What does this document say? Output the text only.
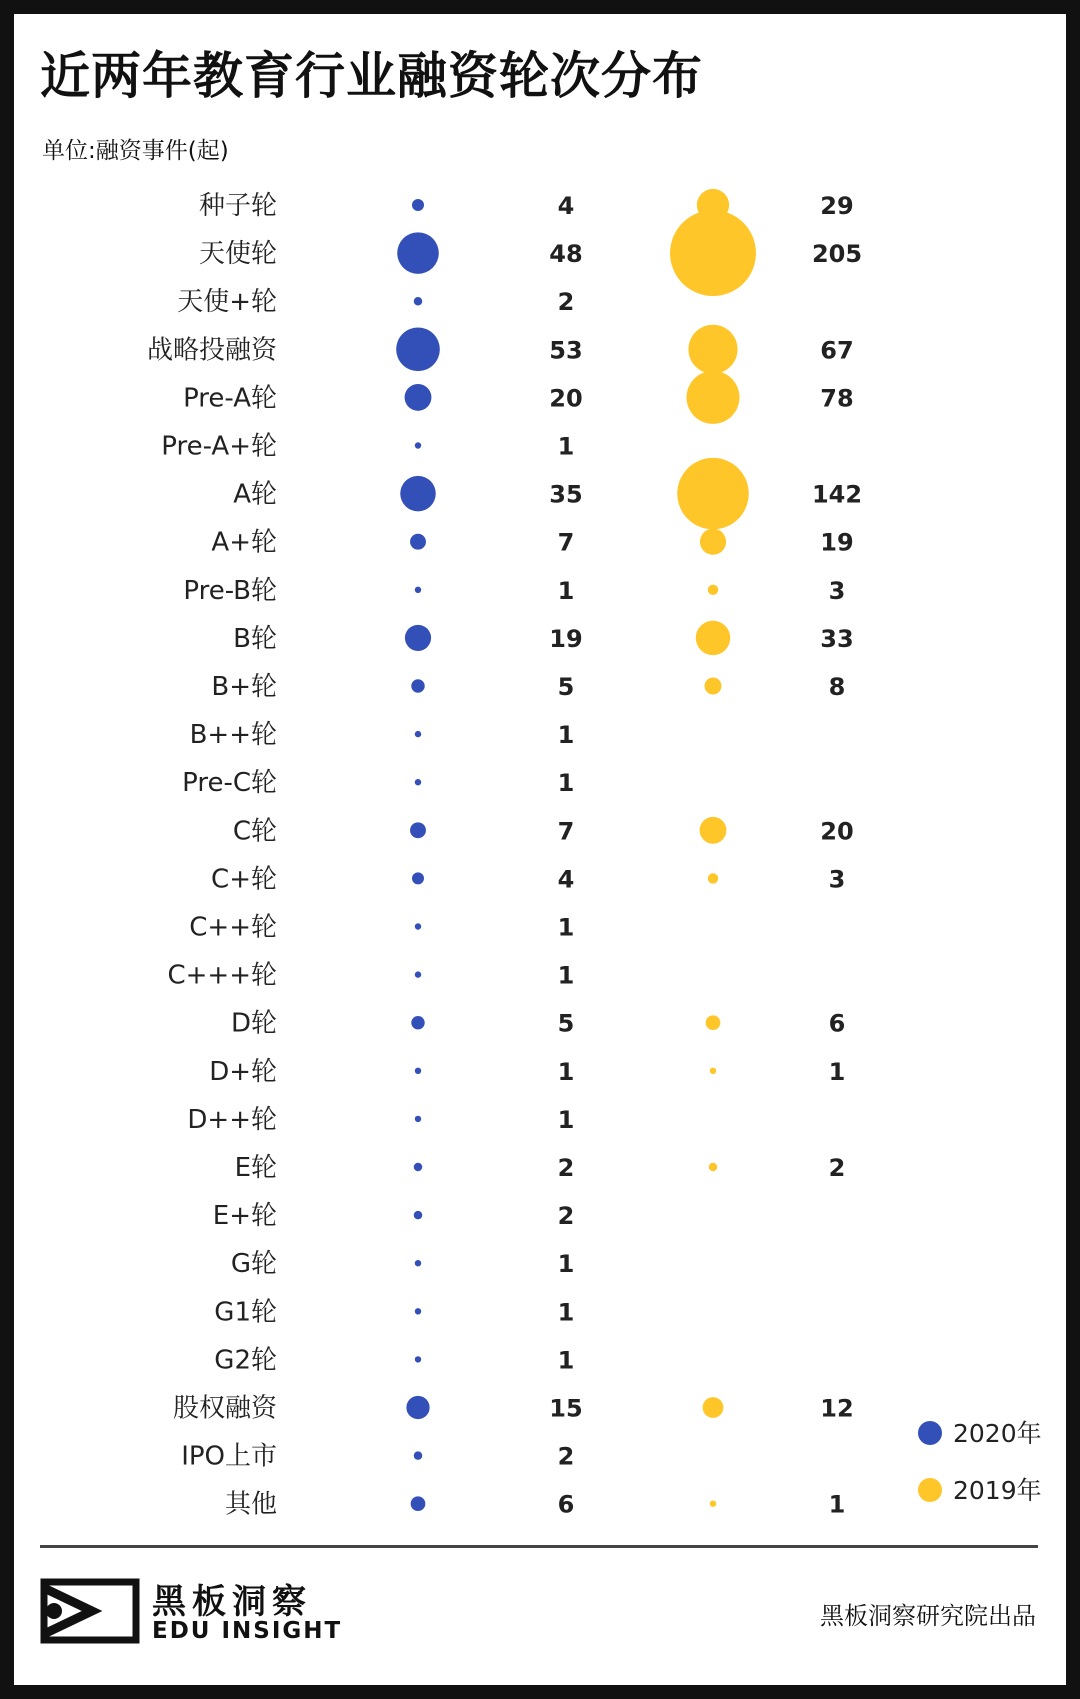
近两年教育行业融资轮次分布
单位:融资事件(起)
种子轮	4	29
天使轮	48	205
天使+轮	2
战略投融资	53	67
Pre-A轮	20	78
Pre-A+轮	1
A轮	35	142
A+轮	7	19
Pre-B轮	1	3
B轮	19	33
B+轮	5	8
B++轮	1
Pre-C轮	1
C轮	7	20
C+轮	4	3
C++轮	1
C+++轮	1
D轮	5	6
D+轮	1	1
D++轮	1
E轮	2	2
E+轮	2
G轮	1
G1轮	1
G2轮	1
股权融资	15	12
IPO上市	2
其他	6	1
2020年
2019年
黑板洞察
EDU INSIGHT
黑板洞察研究院出品
